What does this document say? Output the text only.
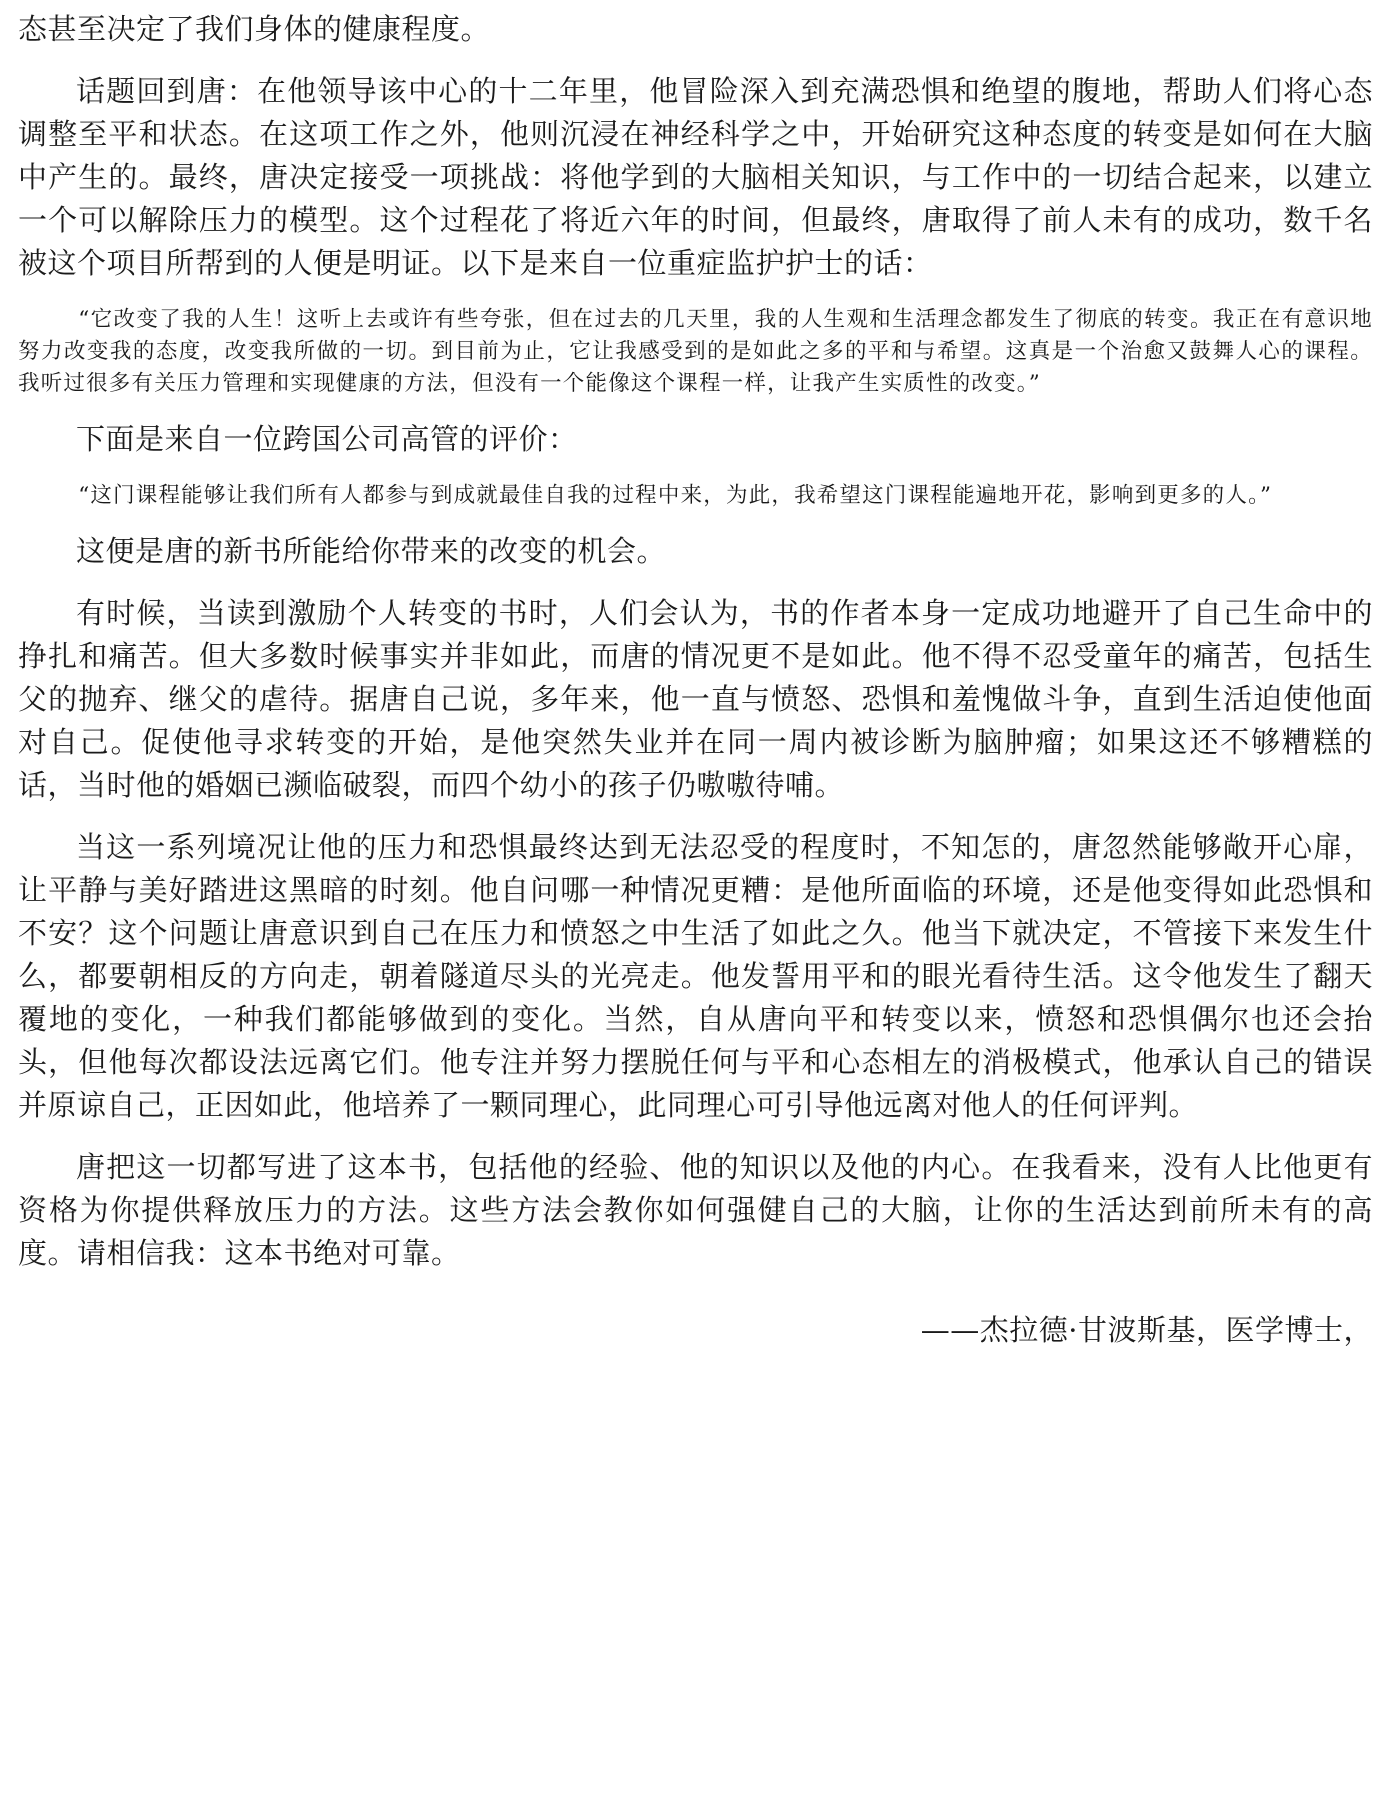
态甚至决定了我们身体的健康程度。

话题回到唐：在他领导该中心的十二年里，他冒险深入到充满恐惧和绝望的腹地，帮助人们将心态调整至平和状态。在这项工作之外，他则沉浸在神经科学之中，开始研究这种态度的转变是如何在大脑中产生的。最终，唐决定接受一项挑战：将他学到的大脑相关知识，与工作中的一切结合起来，以建立一个可以解除压力的模型。这个过程花了将近六年的时间，但最终，唐取得了前人未有的成功，数千名被这个项目所帮到的人便是明证。以下是来自一位重症监护护士的话：

“它改变了我的人生！这听上去或许有些夸张，但在过去的几天里，我的人生观和生活理念都发生了彻底的转变。我正在有意识地努力改变我的态度，改变我所做的一切。到目前为止，它让我感受到的是如此之多的平和与希望。这真是一个治愈又鼓舞人心的课程。我听过很多有关压力管理和实现健康的方法，但没有一个能像这个课程一样，让我产生实质性的改变。”

下面是来自一位跨国公司高管的评价：

“这门课程能够让我们所有人都参与到成就最佳自我的过程中来，为此，我希望这门课程能遍地开花，影响到更多的人。”

这便是唐的新书所能给你带来的改变的机会。

有时候，当读到激励个人转变的书时，人们会认为，书的作者本身一定成功地避开了自己生命中的挣扎和痛苦。但大多数时候事实并非如此，而唐的情况更不是如此。他不得不忍受童年的痛苦，包括生父的抛弃、继父的虐待。据唐自己说，多年来，他一直与愤怒、恐惧和羞愧做斗争，直到生活迫使他面对自己。促使他寻求转变的开始，是他突然失业并在同一周内被诊断为脑肿瘤；如果这还不够糟糕的话，当时他的婚姻已濒临破裂，而四个幼小的孩子仍嗷嗷待哺。

当这一系列境况让他的压力和恐惧最终达到无法忍受的程度时，不知怎的，唐忽然能够敞开心扉，让平静与美好踏进这黑暗的时刻。他自问哪一种情况更糟：是他所面临的环境，还是他变得如此恐惧和不安？这个问题让唐意识到自己在压力和愤怒之中生活了如此之久。他当下就决定，不管接下来发生什么，都要朝相反的方向走，朝着隧道尽头的光亮走。他发誓用平和的眼光看待生活。这令他发生了翻天覆地的变化，一种我们都能够做到的变化。当然，自从唐向平和转变以来，愤怒和恐惧偶尔也还会抬头，但他每次都设法远离它们。他专注并努力摆脱任何与平和心态相左的消极模式，他承认自己的错误并原谅自己，正因如此，他培养了一颗同理心，此同理心可引导他远离对他人的任何评判。

唐把这一切都写进了这本书，包括他的经验、他的知识以及他的内心。在我看来，没有人比他更有资格为你提供释放压力的方法。这些方法会教你如何强健自己的大脑，让你的生活达到前所未有的高度。请相信我：这本书绝对可靠。

——杰拉德·甘波斯基，医学博士，
